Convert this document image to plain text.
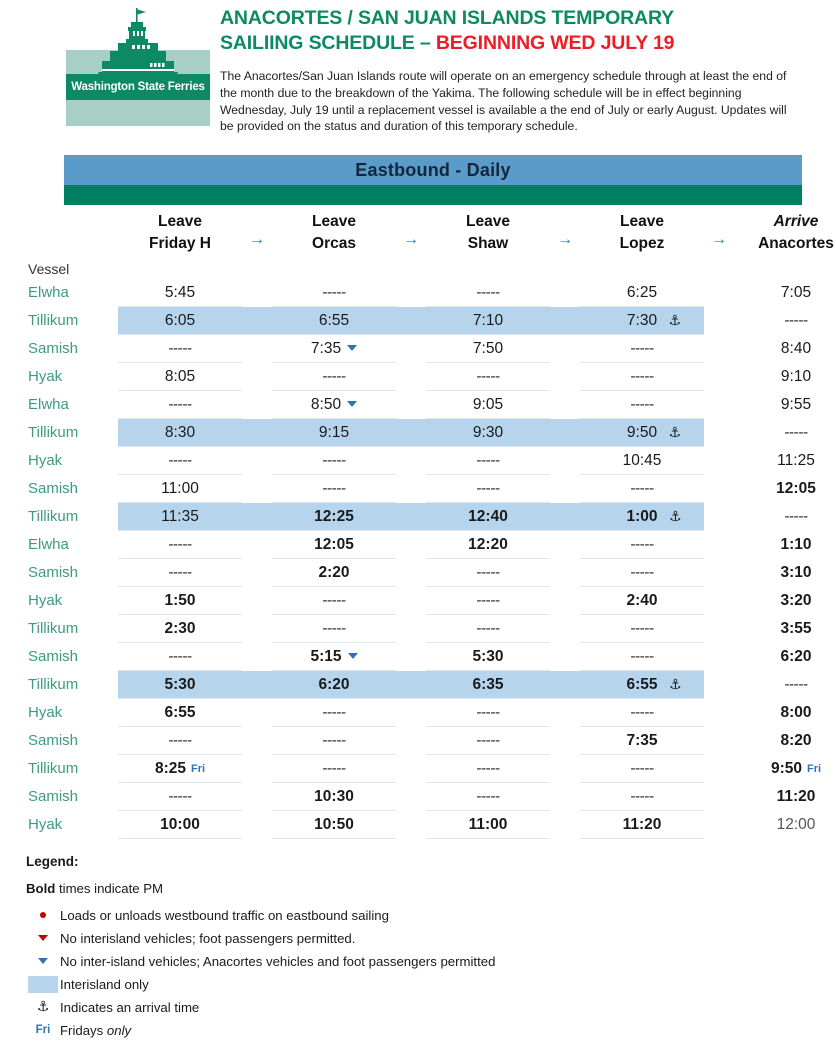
Washington State Ferries
ANACORTES / SAN JUAN ISLANDS TEMPORARY
SAILIING SCHEDULE – BEGINNING WED JULY 19
The Anacortes/San Juan Islands route will operate on an emergency schedule through at least the end of the month due to the breakdown of the Yakima. The following schedule will be in effect beginning Wednesday, July 19 until a replacement vessel is available a the end of July or early August. Updates will be provided on the status and duration of this temporary schedule.
Eastbound - Daily
	Leave
Friday H	→	Leave
Orcas	→	Leave
Shaw	→	Leave
Lopez	→	Arrive
Anacortes
Vessel									
Elwha	5:45		-----		-----		6:25		7:05
Tillikum	6:05		6:55		7:10		7:30 ⚓		-----
Samish	-----		7:35		7:50		-----		8:40
Hyak	8:05		-----		-----		-----		9:10
Elwha	-----		8:50		9:05		-----		9:55
Tillikum	8:30		9:15		9:30		9:50 ⚓		-----
Hyak	-----		-----		-----		10:45		11:25
Samish	11:00		-----		-----		-----		12:05
Tillikum	11:35		12:25		12:40		1:00 ⚓		-----
Elwha	-----		12:05		12:20		-----		1:10
Samish	-----		2:20		-----		-----		3:10
Hyak	1:50		-----		-----		2:40		3:20
Tillikum	2:30		-----		-----		-----		3:55
Samish	-----		5:15		5:30		-----		6:20
Tillikum	5:30		6:20		6:35		6:55 ⚓		-----
Hyak	6:55		-----		-----		-----		8:00
Samish	-----		-----		-----		7:35		8:20
Tillikum	8:25 Fri		-----		-----		-----		9:50 Fri
Samish	-----		10:30		-----		-----		11:20
Hyak	10:00		10:50		11:00		11:20		12:00
Legend:
Bold times indicate PM
Loads or unloads westbound traffic on eastbound sailing
No interisland vehicles; foot passengers permitted.
No inter-island vehicles; Anacortes vehicles and foot passengers permitted
Interisland only
⚓ Indicates an arrival time
Fri Fridays only
